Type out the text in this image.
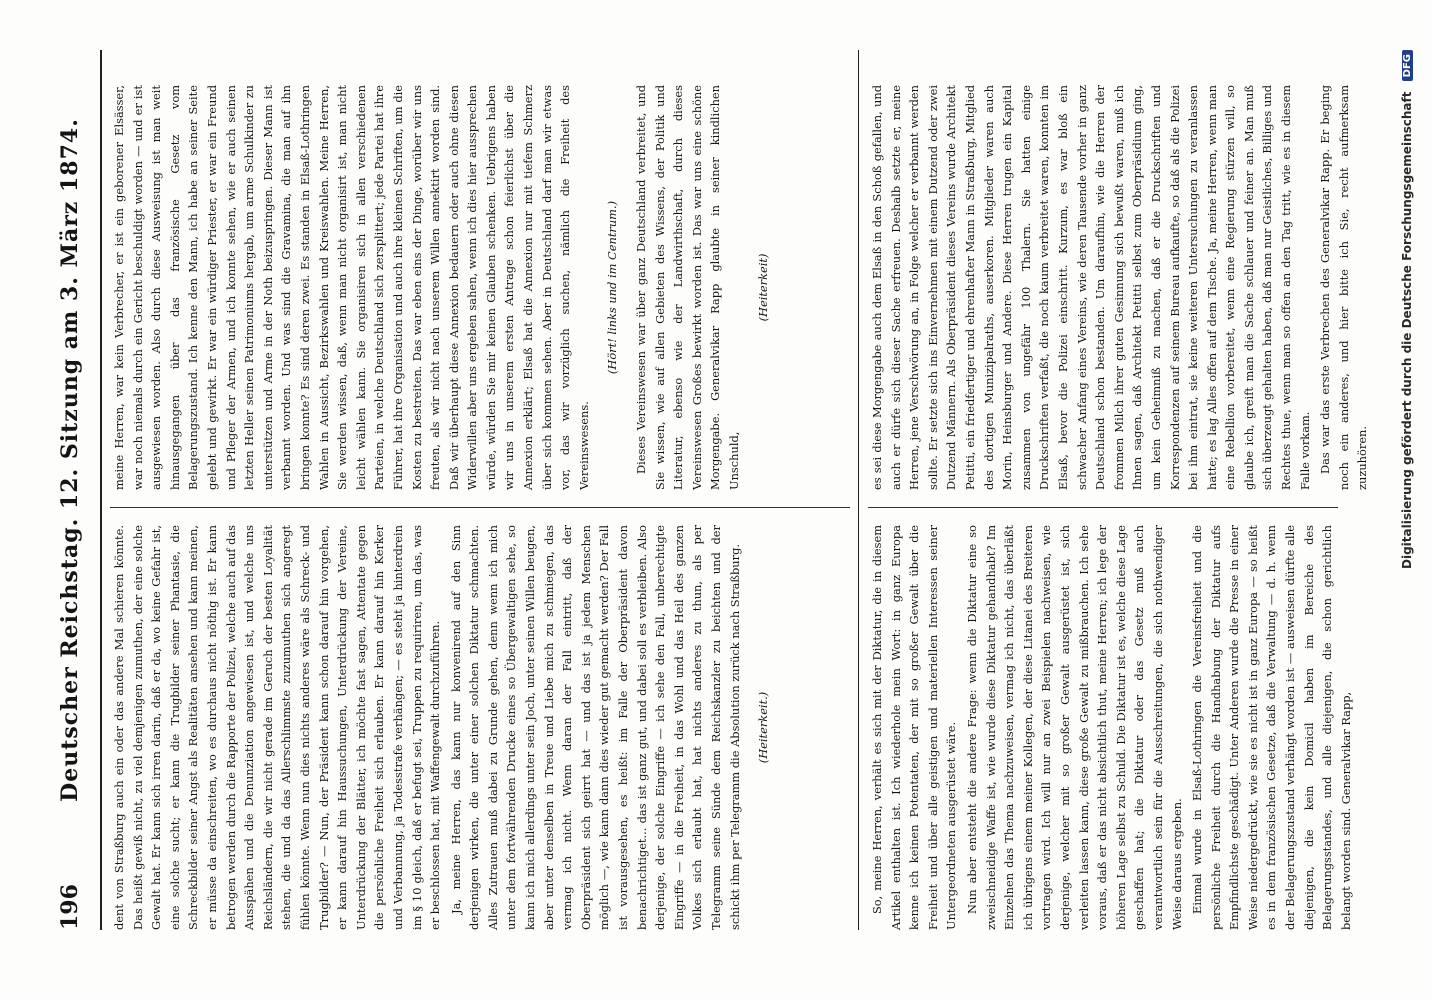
196
Deutscher Reichstag. 12. Sitzung am 3. März 1874.	dent von Straßburg auch ein oder das andere Mal schieren könnte. Das heißt gewiß nicht, zu viel demjenigen zumuthen, der eine solche Gewalt hat. Er kann sich irren darin, daß er da, wo keine Gefahr ist, eine solche sucht; er kann die Trugbilder seiner Phantasie, die Schreckbilder seiner Angst als Realitäten ansehen und kann meinen, er müsse da einschreiten, wo es durchaus nicht nöthig ist. Er kann betrogen werden durch die Rapporte der Polizei, welche auch auf das Ausspähen und die Denunziation angewiesen ist, und welche uns Reichsländern, die wir nicht gerade im Geruch der besten Loyalität stehen, die und da das Allerschlimmste zuzumuthen sich angeregt fühlen könnte. Wenn nun dies nichts anderes wäre als Schreck- und Trugbilder? — Nun, der Präsident kann schon darauf hin vorgehen, er kann darauf hin Haussuchungen, Unterdrückung der Vereine, Unterdrückung der Blätter, ich möchte fast sagen, Attentate gegen die persönliche Freiheit sich erlauben. Er kann darauf hin Kerker und Verbannung, ja Todesstrafe verhängen; — es steht ja hinterdrein im § 10 gleich, daß er befugt sei, Truppen zu requiriren, um das, was er beschlossen hat, mit Waffengewalt durchzuführen. Ja, meine Herren, das kann nur konvenirend auf den Sinn derjenigen wirken, die unter einer solchen Diktatur schmachten. Alles Zutrauen muß dabei zu Grunde gehen, denn wenn ich mich unter dem fortwährenden Drucke eines so Übergewaltigen sehe, so kann ich mich allerdings unter sein Joch, unter seinen Willen beugen, aber unter denselben in Treue und Liebe mich zu schmiegen, das vermag ich nicht. Wenn daran der Fall eintritt, daß der Oberpräsident sich geirrt hat — und das ist ja jedem Menschen möglich —, wie kann dann dies wieder gut gemacht werden? Der Fall ist vorausgesehen, es heißt: im Falle der Oberpräsident davon benachrichtiget... das ist ganz gut, und dabei soll es verbleiben. Also derjenige, der solche Eingriffe — ich sehe den Fall, unberechtigte Eingriffe — in die Freiheit, in das Wohl und das Heil des ganzen Volkes sich erlaubt hat, hat nichts anderes zu thun, als per Telegramm seine Sünde dem Reichskanzler zu beichten und der schickt ihm per Telegramm die Absolution zurück nach Straßburg. (Heiterkeit.)

meine Herren, war kein Verbrecher, er ist ein geborener Elsässer, war noch niemals durch ein Gericht beschuldigt worden — und er ist ausgewiesen worden. Also durch diese Ausweisung ist man weit hinausgegangen über das französische Gesetz vom Belagerungszustand. Ich kenne den Mann, ich habe an seiner Seite gelebt und gewirkt. Er war ein würdiger Priester, er war ein Freund und Pfleger der Armen, und ich konnte sehen, wie er auch seinen letzten Heller seinen Patrimoniums hergab, um arme Schulkinder zu unterstützen und Arme in der Noth beizuspringen. Dieser Mann ist verbannt worden. Und was sind die Gravamina, die man auf ihn bringen konnte? Es sind deren zwei. Es standen in Elsaß-Lothringen Wahlen in Aussicht, Bezirkswahlen und Kreiswahlen. Meine Herren, Sie werden wissen, daß, wenn man nicht organisirt ist, man nicht leicht wählen kann. Sie organisiren sich in allen verschiedenen Parteien, in welche Deutschland sich zersplittert; jede Partei hat ihre Führer, hat ihre Organisation und auch ihre kleinen Schriften, um die Kosten zu bestreiten. Das war eben eins der Dinge, worüber wir uns freuten, als wir nicht nach unserem Willen annektirt worden sind. Daß wir überhaupt diese Annexion bedauern oder auch ohne diesen Widerwillen aber uns ergeben sahen, wenn ich dies hier aussprechen würde, würden Sie mir keinen Glauben schenken. Uebrigens haben wir uns in unserem ersten Antrage schon feierlichst über die Annexion erklärt; Elsaß hat die Annexion nur mit tiefem Schmerz über sich kommen sehen. Aber in Deutschland darf man wir etwas vor, das wir vorzüglich suchen, nämlich die Freiheit des Vereinswesens.

(Hört! links und im Centrum.) Dieses Vereinswesen war über ganz Deutschland verbreitet, und Sie wissen, wie auf allen Gebieten des Wissens, der Politik und Literatur, ebenso wie der Landwirthschaft, durch dieses Vereinswesen Großes bewirkt worden ist. Das war uns eine schöne Morgengabe. Generalvikar Rapp glaubte in seiner kindlichen Unschuld,

(Heiterkeit)

So, meine Herren, verhält es sich mit der Diktatur, die in diesem Artikel enthalten ist. Ich wiederhole mein Wort: in ganz Europa kenne ich keinen Potentaten, der mit so großer Gewalt über die Freiheit und über alle geistigen und materiellen Interessen seiner Untergeordneten ausgerüstet wäre. Nun aber entsteht die andere Frage: wenn die Diktatur eine so zweischneidige Waffe ist, wie wurde diese Diktatur gehandhabt? Im Einzelnen das Thema nachzuweisen, vermag ich nicht, das überläßt ich übrigens einem meiner Kollegen, der diese Litanei des Breiteren vortragen wird. Ich will nur an zwei Beispielen nachweisen, wie derjenige, welcher mit so großer Gewalt ausgerüstet ist, sich verleiten lassen kann, diese große Gewalt zu mißbrauchen. Ich sehe voraus, daß er das nicht absichtlich thut, meine Herren; ich lege der höheren Lage selbst zu Schuld. Die Diktatur ist es, welche diese Lage geschaffen hat; die Diktatur oder das Gesetz muß auch verantwortlich sein für die Ausschreitungen, die sich nothwendiger Weise daraus ergeben. Einmal wurde in Elsaß-Lothringen die Vereinsfreiheit und die persönliche Freiheit durch die Handhabung der Diktatur aufs Empfindlichste geschädigt. Unter Anderen wurde die Presse in einer Weise niedergedrückt, wie sie es nicht ist in ganz Europa — so heißt es in dem französischen Gesetze, daß die Verwaltung — d. h. wenn der Belagerungszustand verhängt worden ist — ausweisen dürfte alle diejenigen, die kein Domicil haben im Bereiche des Belagerungsstandes, und alle diejenigen, die schon gerichtlich belangt worden sind. Generalvikar Rapp,

es sei diese Morgengabe auch dem Elsaß in den Schoß gefallen, und auch er dürfe sich dieser Sache erfreuen. Deshalb setzte er, meine Herren, jene Verschwörung an, in Folge welcher er verbannt werden sollte. Er setzte sich ins Einvernehmen mit einem Dutzend oder zwei Dutzend Männern. Als Oberpräsident dieses Vereins wurde Architekt Petitti, ein friedfertiger und ehrenhafter Mann in Straßburg, Mitglied des dortigen Munizipalraths, auserkoren. Mitglieder waren auch Morin, Heinsburger und Andere. Diese Herren trugen ein Kapital zusammen von ungefähr 100 Thalern. Sie hatten einige Druckschriften verfaßt, die noch kaum verbreitet waren, konnten im Elsaß, bevor die Polizei einschritt. Kurzum, es war bloß ein schwacher Anfang eines Vereins, wie deren Tausende vorher in ganz Deutschland schon bestanden. Um daraufhin, wie die Herren der frommen Milch ihrer guten Gesinnung sich bewußt waren, muß ich Ihnen sagen, daß Architekt Petitti selbst zum Oberpräsidium ging, um kein Geheimniß zu machen, daß er die Druckschriften und Korrespondenzen auf seinem Bureau aufkaufte, so daß als die Polizei bei ihm eintrat, sie keine weiteren Untersuchungen zu veranlassen hatte; es lag Alles offen auf dem Tische. Ja, meine Herren, wenn man eine Rebellion vorbereitet, wenn eine Regierung stürzen will, so glaube ich, greift man die Sache schlauer und feiner an. Man muß sich überzeugt gehalten haben, daß man nur Geistliches, Billiges und Rechtes thue, wenn man so offen an den Tag tritt, wie es in diesem Falle vorkam. Das war das erste Verbrechen des Generalvikar Rapp. Er beging noch ein anderes, und hier bitte ich Sie, recht aufmerksam zuzuhören.	Digitalisierung gefördert durch die Deutsche Forschungsgemeinschaft DFG
